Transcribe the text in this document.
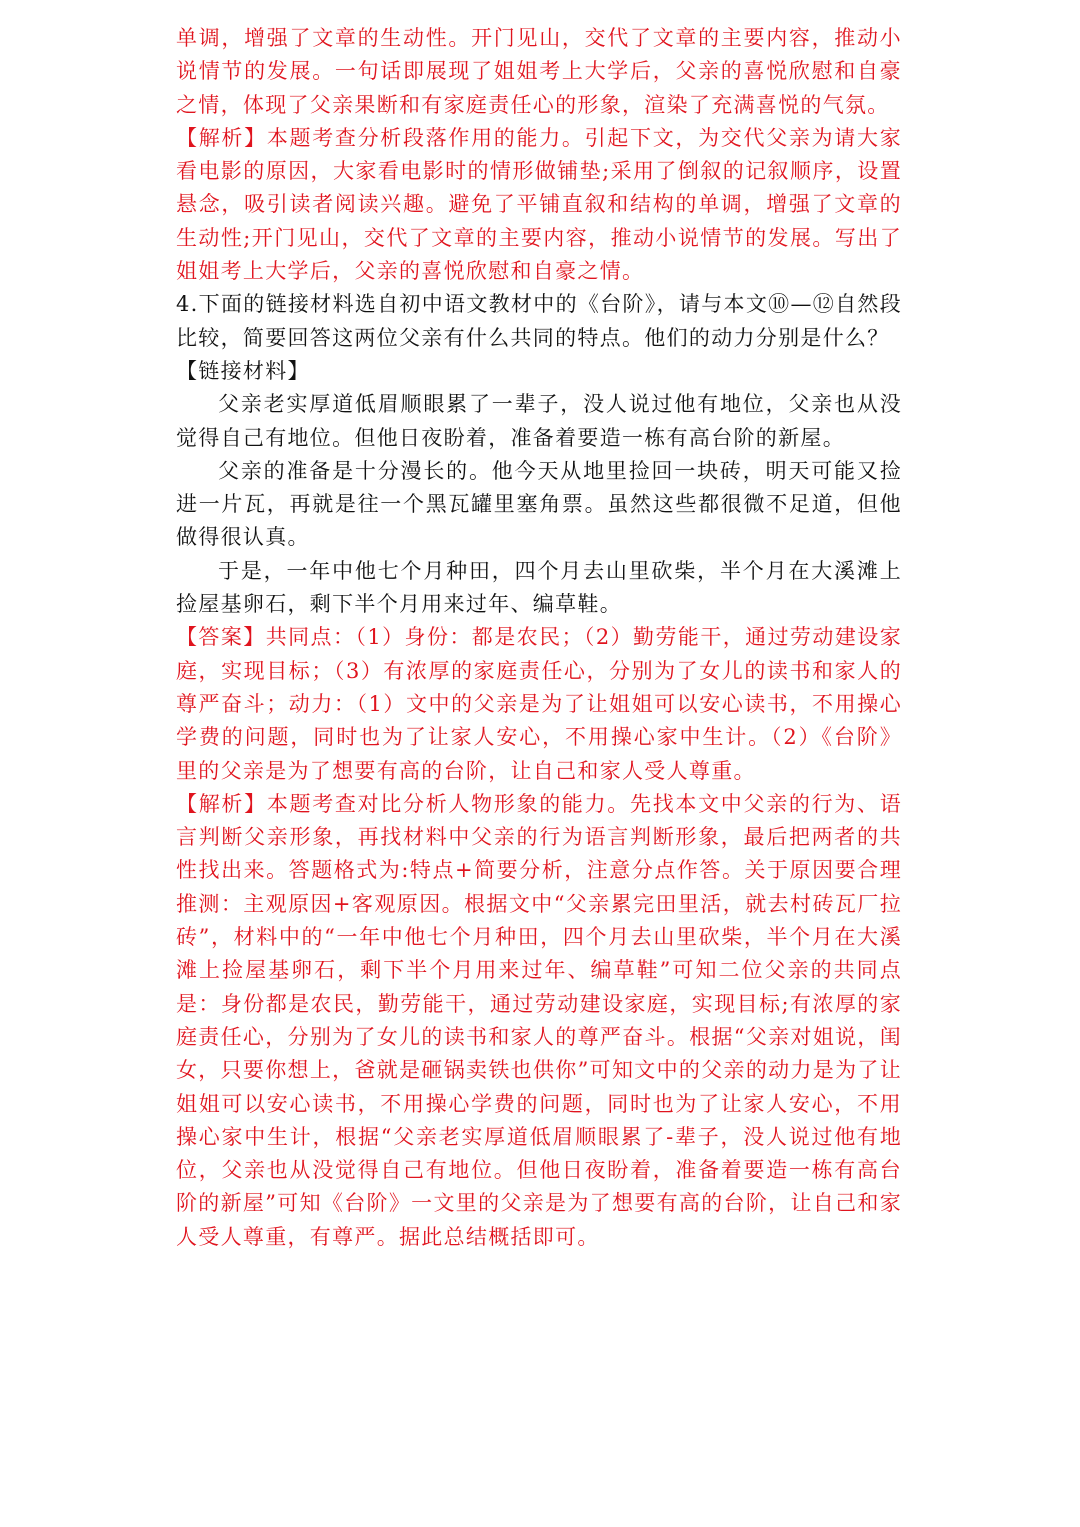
单调，增强了文章的生动性。开门见山，交代了文章的主要内容，推动小说情节的发展。一句话即展现了姐姐考上大学后，父亲的喜悦欣慰和自豪之情，体现了父亲果断和有家庭责任心的形象，渲染了充满喜悦的气氛。

【解析】本题考查分析段落作用的能力。引起下文，为交代父亲为请大家看电影的原因，大家看电影时的情形做铺垫;采用了倒叙的记叙顺序，设置悬念，吸引读者阅读兴趣。避免了平铺直叙和结构的单调，增强了文章的生动性;开门见山，交代了文章的主要内容，推动小说情节的发展。写出了姐姐考上大学后，父亲的喜悦欣慰和自豪之情。

4.下面的链接材料选自初中语文教材中的《台阶》，请与本文⑩—⑫自然段比较，简要回答这两位父亲有什么共同的特点。他们的动力分别是什么？

【链接材料】

父亲老实厚道低眉顺眼累了一辈子，没人说过他有地位，父亲也从没觉得自己有地位。但他日夜盼着，准备着要造一栋有高台阶的新屋。

父亲的准备是十分漫长的。他今天从地里捡回一块砖，明天可能又捡进一片瓦，再就是往一个黑瓦罐里塞角票。虽然这些都很微不足道，但他做得很认真。

于是，一年中他七个月种田，四个月去山里砍柴，半个月在大溪滩上捡屋基卵石，剩下半个月用来过年、编草鞋。

【答案】共同点：（1）身份：都是农民；（2）勤劳能干，通过劳动建设家庭，实现目标；（3）有浓厚的家庭责任心，分别为了女儿的读书和家人的尊严奋斗；动力：（1）文中的父亲是为了让姐姐可以安心读书，不用操心学费的问题，同时也为了让家人安心，不用操心家中生计。（2）《台阶》里的父亲是为了想要有高的台阶，让自己和家人受人尊重。

【解析】本题考查对比分析人物形象的能力。先找本文中父亲的行为、语言判断父亲形象，再找材料中父亲的行为语言判断形象，最后把两者的共性找出来。答题格式为:特点+简要分析，注意分点作答。关于原因要合理推测：主观原因+客观原因。根据文中“父亲累完田里活，就去村砖瓦厂拉砖”，材料中的“一年中他七个月种田，四个月去山里砍柴，半个月在大溪滩上捡屋基卵石，剩下半个月用来过年、编草鞋”可知二位父亲的共同点是：身份都是农民，勤劳能干，通过劳动建设家庭，实现目标;有浓厚的家庭责任心，分别为了女儿的读书和家人的尊严奋斗。根据“父亲对姐说，闺女，只要你想上，爸就是砸锅卖铁也供你”可知文中的父亲的动力是为了让姐姐可以安心读书，不用操心学费的问题，同时也为了让家人安心，不用操心家中生计，根据“父亲老实厚道低眉顺眼累了-辈子，没人说过他有地位，父亲也从没觉得自己有地位。但他日夜盼着，准备着要造一栋有高台阶的新屋”可知《台阶》一文里的父亲是为了想要有高的台阶，让自己和家人受人尊重，有尊严。据此总结概括即可。
